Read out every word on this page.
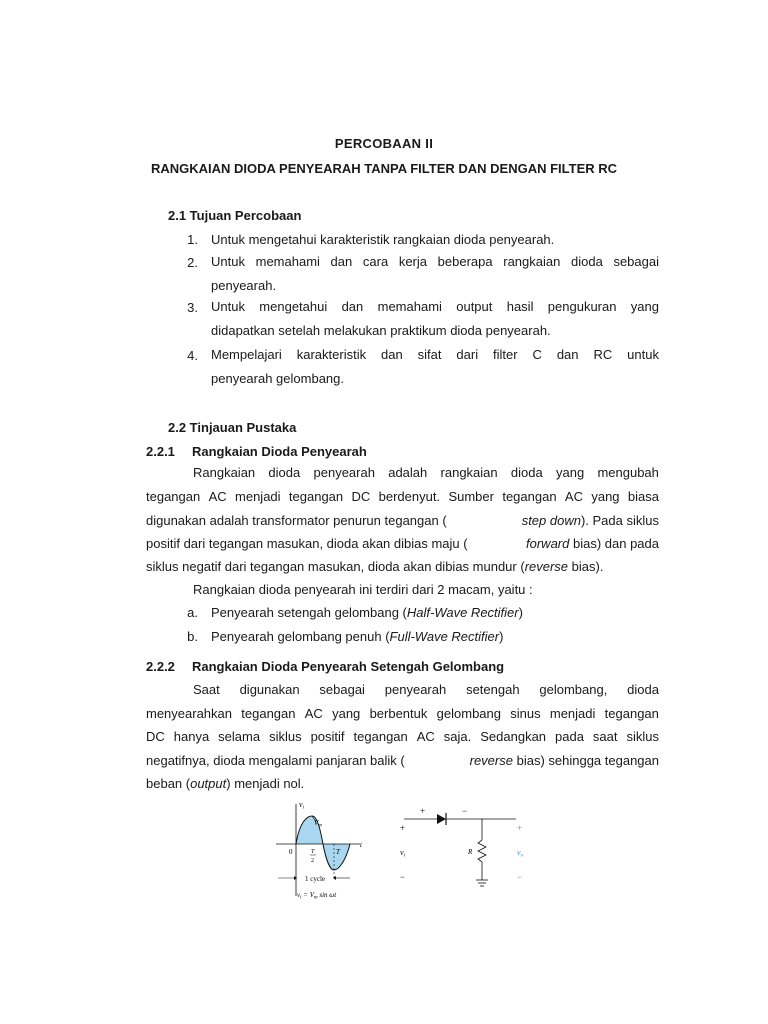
PERCOBAAN II
RANGKAIAN DIODA PENYEARAH TANPA FILTER DAN DENGAN FILTER RC
2.1 Tujuan Percobaan
1. Untuk mengetahui karakteristik rangkaian dioda penyearah.
2. Untuk memahami dan cara kerja beberapa rangkaian dioda sebagai
penyearah.
3. Untuk mengetahui dan memahami output hasil pengukuran yang
didapatkan setelah melakukan praktikum dioda penyearah.
4. Mempelajari karakteristik dan sifat dari filter C dan RC untuk
penyearah gelombang.
2.2 Tinjauan Pustaka
2.2.1 Rangkaian Dioda Penyearah
Rangkaian dioda penyearah adalah rangkaian dioda yang mengubah
tegangan AC menjadi tegangan DC berdenyut. Sumber tegangan AC yang biasa
digunakan adalah transformator penurun tegangan (	step down). Pada siklus
positif dari tegangan masukan, dioda akan dibias maju (	forward bias) dan pada
siklus negatif dari tegangan masukan, dioda akan dibias mundur (reverse bias).
Rangkaian dioda penyearah ini terdiri dari 2 macam, yaitu :
a. Penyearah setengah gelombang (Half-Wave Rectifier)
b. Penyearah gelombang penuh (Full-Wave Rectifier)
2.2.2 Rangkaian Dioda Penyearah Setengah Gelombang
Saat digunakan sebagai penyearah setengah gelombang, dioda
menyearahkan tegangan AC yang berbentuk gelombang sinus menjadi tegangan
DC hanya selama siklus positif tegangan AC saja. Sedangkan pada saat siklus
negatifnya, dioda mengalami panjaran balik (	reverse bias) sehingga tegangan
beban (output) menjadi nol.
vi
$V_m$
0	T
2
T
t
1 cycle
$v_i = V_m$ sin ωt
+	−
+
vi
−
R
+
vo
−
